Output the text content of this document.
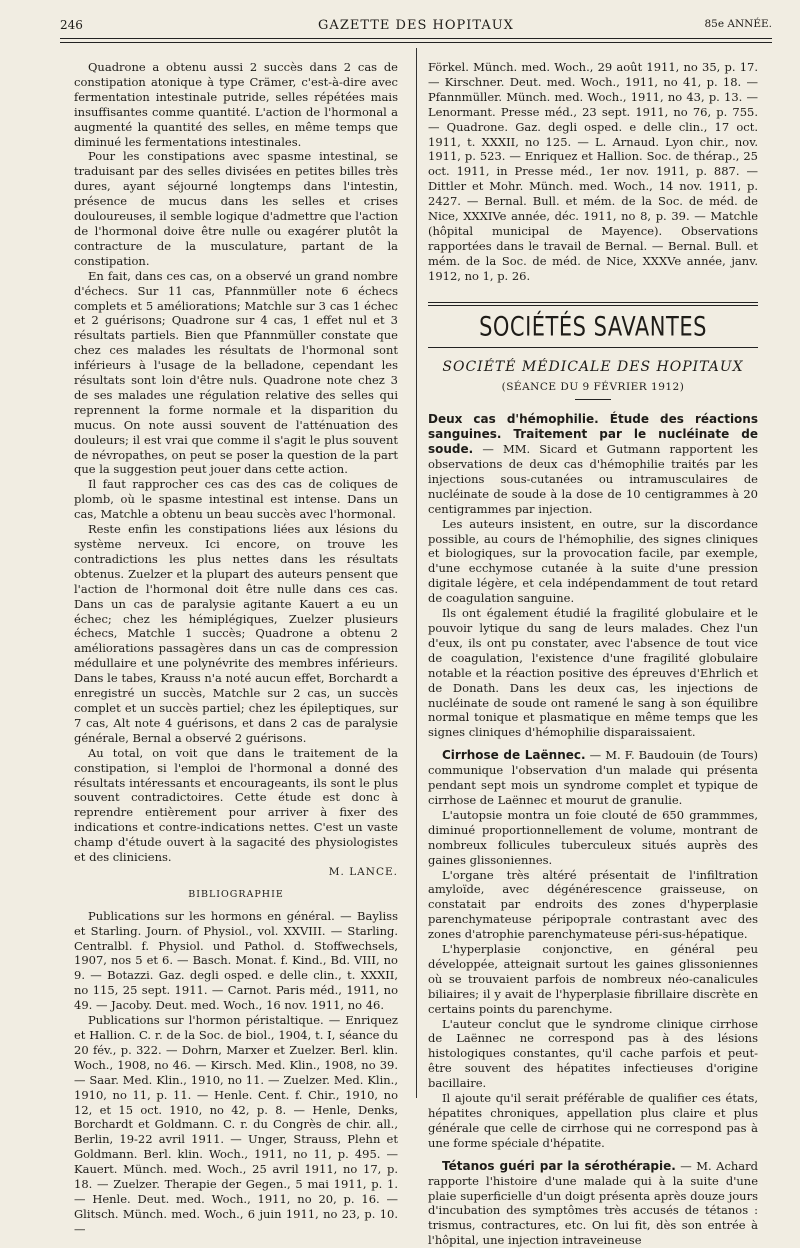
246	GAZETTE DES HOPITAUX	85e ANNÉE.

Quadrone a obtenu aussi 2 succès dans 2 cas de constipation atonique à type Crämer, c'est-à-dire avec fermentation intestinale putride, selles répétées mais insuffisantes comme quantité. L'action de l'hormonal a augmenté la quantité des selles, en même temps que diminué les fermentations intestinales.

Pour les constipations avec spasme intestinal, se traduisant par des selles divisées en petites billes très dures, ayant séjourné longtemps dans l'intestin, présence de mucus dans les selles et crises douloureuses, il semble logique d'admettre que l'action de l'hormonal doive être nulle ou exagérer plutôt la contracture de la musculature, partant de la constipation.

En fait, dans ces cas, on a observé un grand nombre d'échecs. Sur 11 cas, Pfannmüller note 6 échecs complets et 5 améliorations; Matchle sur 3 cas 1 échec et 2 guérisons; Quadrone sur 4 cas, 1 effet nul et 3 résultats partiels. Bien que Pfannmüller constate que chez ces malades les résultats de l'hormonal sont inférieurs à l'usage de la belladone, cependant les résultats sont loin d'être nuls. Quadrone note chez 3 de ses malades une régulation relative des selles qui reprennent la forme normale et la disparition du mucus. On note aussi souvent de l'atténuation des douleurs; il est vrai que comme il s'agit le plus souvent de névropathes, on peut se poser la question de la part que la suggestion peut jouer dans cette action.

Il faut rapprocher ces cas des cas de coliques de plomb, où le spasme intestinal est intense. Dans un cas, Matchle a obtenu un beau succès avec l'hormonal.

Reste enfin les constipations liées aux lésions du système nerveux. Ici encore, on trouve les contradictions les plus nettes dans les résultats obtenus. Zuelzer et la plupart des auteurs pensent que l'action de l'hormonal doit être nulle dans ces cas. Dans un cas de paralysie agitante Kauert a eu un échec; chez les hémiplégiques, Zuelzer plusieurs échecs, Matchle 1 succès; Quadrone a obtenu 2 améliorations passagères dans un cas de compression médullaire et une polynévrite des membres inférieurs. Dans le tabes, Krauss n'a noté aucun effet, Borchardt a enregistré un succès, Matchle sur 2 cas, un succès complet et un succès partiel; chez les épileptiques, sur 7 cas, Alt note 4 guérisons, et dans 2 cas de paralysie générale, Bernal a observé 2 guérisons.

Au total, on voit que dans le traitement de la constipation, si l'emploi de l'hormonal a donné des résultats intéressants et encourageants, ils sont le plus souvent contradictoires. Cette étude est donc à reprendre entièrement pour arriver à fixer des indications et contre-indications nettes. C'est un vaste champ d'étude ouvert à la sagacité des physiologistes et des cliniciens.

M. LANCE.
BIBLIOGRAPHIE

Publications sur les hormons en général. — Bayliss et Starling. Journ. of Physiol., vol. XXVIII. — Starling. Centralbl. f. Physiol. und Pathol. d. Stoffwechsels, 1907, nos 5 et 6. — Basch. Monat. f. Kind., Bd. VIII, no 9. — Botazzi. Gaz. degli osped. e delle clin., t. XXXII, no 115, 25 sept. 1911. — Carnot. Paris méd., 1911, no 49. — Jacoby. Deut. med. Woch., 16 nov. 1911, no 46.

Publications sur l'hormon péristaltique. — Enriquez et Hallion. C. r. de la Soc. de biol., 1904, t. I, séance du 20 fév., p. 322. — Dohrn, Marxer et Zuelzer. Berl. klin. Woch., 1908, no 46. — Kirsch. Med. Klin., 1908, no 39. — Saar. Med. Klin., 1910, no 11. — Zuelzer. Med. Klin., 1910, no 11, p. 11. — Henle. Cent. f. Chir., 1910, no 12, et 15 oct. 1910, no 42, p. 8. — Henle, Denks, Borchardt et Goldmann. C. r. du Congrès de chir. all., Berlin, 19-22 avril 1911. — Unger, Strauss, Plehn et Goldmann. Berl. klin. Woch., 1911, no 11, p. 495. — Kauert. Münch. med. Woch., 25 avril 1911, no 17, p. 18. — Zuelzer. Therapie der Gegen., 5 mai 1911, p. 1. — Henle. Deut. med. Woch., 1911, no 20, p. 16. — Glitsch. Münch. med. Woch., 6 juin 1911, no 23, p. 10. —

Förkel. Münch. med. Woch., 29 août 1911, no 35, p. 17. — Kirschner. Deut. med. Woch., 1911, no 41, p. 18. — Pfannmüller. Münch. med. Woch., 1911, no 43, p. 13. — Lenormant. Presse méd., 23 sept. 1911, no 76, p. 755. — Quadrone. Gaz. degli osped. e delle clin., 17 oct. 1911, t. XXXII, no 125. — L. Arnaud. Lyon chir., nov. 1911, p. 523. — Enriquez et Hallion. Soc. de thérap., 25 oct. 1911, in Presse méd., 1er nov. 1911, p. 887. — Dittler et Mohr. Münch. med. Woch., 14 nov. 1911, p. 2427. — Bernal. Bull. et mém. de la Soc. de méd. de Nice, XXXIVe année, déc. 1911, no 8, p. 39. — Matchle (hôpital municipal de Mayence). Observations rapportées dans le travail de Bernal. — Bernal. Bull. et mém. de la Soc. de méd. de Nice, XXXVe année, janv. 1912, no 1, p. 26.

SOCIÉTÉS SAVANTES
SOCIÉTÉ MÉDICALE DES HOPITAUX
(SÉANCE DU 9 FÉVRIER 1912)

Deux cas d'hémophilie. Étude des réactions sanguines. Traitement par le nucléinate de soude. — MM. Sicard et Gutmann rapportent les observations de deux cas d'hémophilie traités par les injections sous-cutanées ou intramusculaires de nucléinate de soude à la dose de 10 centigrammes à 20 centigrammes par injection.

Les auteurs insistent, en outre, sur la discordance possible, au cours de l'hémophilie, des signes cliniques et biologiques, sur la provocation facile, par exemple, d'une ecchymose cutanée à la suite d'une pression digitale légère, et cela indépendamment de tout retard de coagulation sanguine.

Ils ont également étudié la fragilité globulaire et le pouvoir lytique du sang de leurs malades. Chez l'un d'eux, ils ont pu constater, avec l'absence de tout vice de coagulation, l'existence d'une fragilité globulaire notable et la réaction positive des épreuves d'Ehrlich et de Donath. Dans les deux cas, les injections de nucléinate de soude ont ramené le sang à son équilibre normal tonique et plasmatique en même temps que les signes cliniques d'hémophilie disparaissaient.

Cirrhose de Laënnec. — M. F. Baudouin (de Tours) communique l'observation d'un malade qui présenta pendant sept mois un syndrome complet et typique de cirrhose de Laënnec et mourut de granulie.

L'autopsie montra un foie clouté de 650 grammmes, diminué proportionnellement de volume, montrant de nombreux follicules tuberculeux situés auprès des gaines glissoniennes.

L'organe très altéré présentait de l'infiltration amyloïde, avec dégénérescence graisseuse, on constatait par endroits des zones d'hyperplasie parenchymateuse péripортale contrastant avec des zones d'atrophie parenchymateuse péri-sus-hépatique.

L'hyperplasie conjonctive, en général peu développée, atteignait surtout les gaines glissoniennes où se trouvaient parfois de nombreux néo-canalicules biliaires; il y avait de l'hyperplasie fibrillaire discrète en certains points du parenchyme.

L'auteur conclut que le syndrome clinique cirrhose de Laënnec ne correspond pas à des lésions histologiques constantes, qu'il cache parfois et peut-être souvent des hépatites infectieuses d'origine bacillaire.

Il ajoute qu'il serait préférable de qualifier ces états, hépatites chroniques, appellation plus claire et plus générale que celle de cirrhose qui ne correspond pas à une forme spéciale d'hépatite.

Tétanos guéri par la sérothérapie. — M. Achard rapporte l'histoire d'une malade qui à la suite d'une plaie superficielle d'un doigt présenta après douze jours d'incubation des symptômes très accusés de tétanos : trismus, contractures, etc. On lui fit, dès son entrée à l'hôpital, une injection intraveineuse
